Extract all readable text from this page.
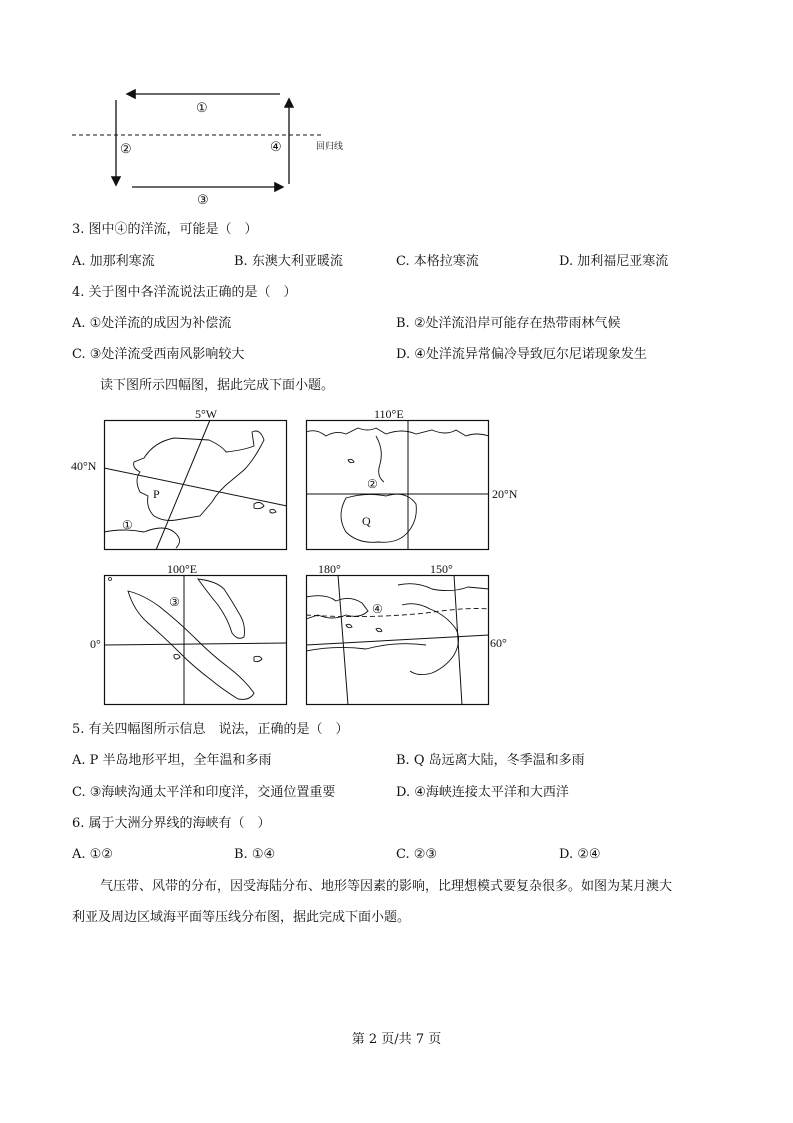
①
②
③
④	回归线
3. 图中④的洋流，可能是（　）
A. 加那利寒流	B. 东澳大利亚暖流	C. 本格拉寒流	D. 加利福尼亚寒流
4. 关于图中各洋流说法正确的是（　）
A. ①处洋流的成因为补偿流	B. ②处洋流沿岸可能存在热带雨林气候
C. ③处洋流受西南风影响较大	D. ④处洋流异常偏冷导致厄尔尼诺现象发生
读下图所示四幅图，据此完成下面小题。
5°W
40°N
P
①
110°E
20°N
②
Q
100°E
0°
③
180°	150°
60°
④
5. 有关四幅图所示信息　说法，正确的是（　）
A. P 半岛地形平坦，全年温和多雨	B. Q 岛远离大陆，冬季温和多雨
C. ③海峡沟通太平洋和印度洋，交通位置重要	D. ④海峡连接太平洋和大西洋
6. 属于大洲分界线的海峡有（　）
A. ①②	B. ①④	C. ②③	D. ②④
气压带、风带的分布，因受海陆分布、地形等因素的影响，比理想模式要复杂很多。如图为某月澳大
利亚及周边区域海平面等压线分布图，据此完成下面小题。
第 2 页/共 7 页
